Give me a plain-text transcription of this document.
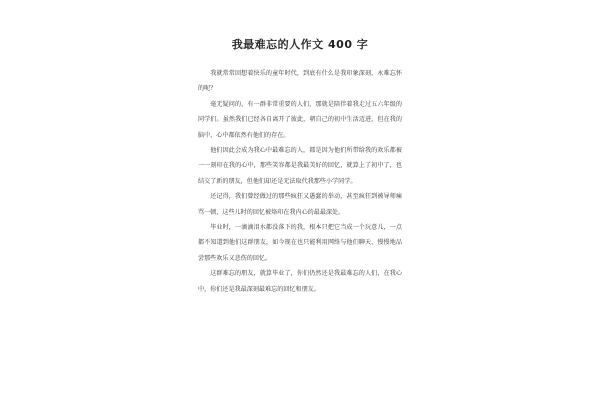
我最难忘的人作文 400 字

我就常常回想着快乐的童年时代，到底有什么是我印象深刻，永难忘怀的呢？

毫无疑问的，有一群非常重要的人们，那就是陪伴着我走过五六年级的同学们。虽然我们已经各自离开了彼此，朝自己的初中生活迈进，但在我的脑中、心中都依然有他们的存在。

他们因此会成为我心中最难忘的人，都是因为他们所带给我的欢乐都被一一刻印在我的心中，那些笑容都是我最美好的回忆，就算上了初中了，也结交了新的朋友，但他们却还是无法取代我那些小学同学。

还记得，我们曾经做过的那些疯狂又愚蠢的举动，甚至疯狂到被导师痛骂一顿，这些儿时的回忆被烙印在我内心的最最深处。

毕业时，一滴滴泪水都没落下的我，根本只把它当成一个玩意儿，一点都不知道到他们这群朋友，如今现在也只能利用网络与他们聊天，慢慢地品尝那些欢乐又悲伤的回忆。

这群难忘的朋友，就算毕业了，你们仍然还是我最难忘的人们，在我心中，你们还是我最深刻最难忘的回忆和朋友。
